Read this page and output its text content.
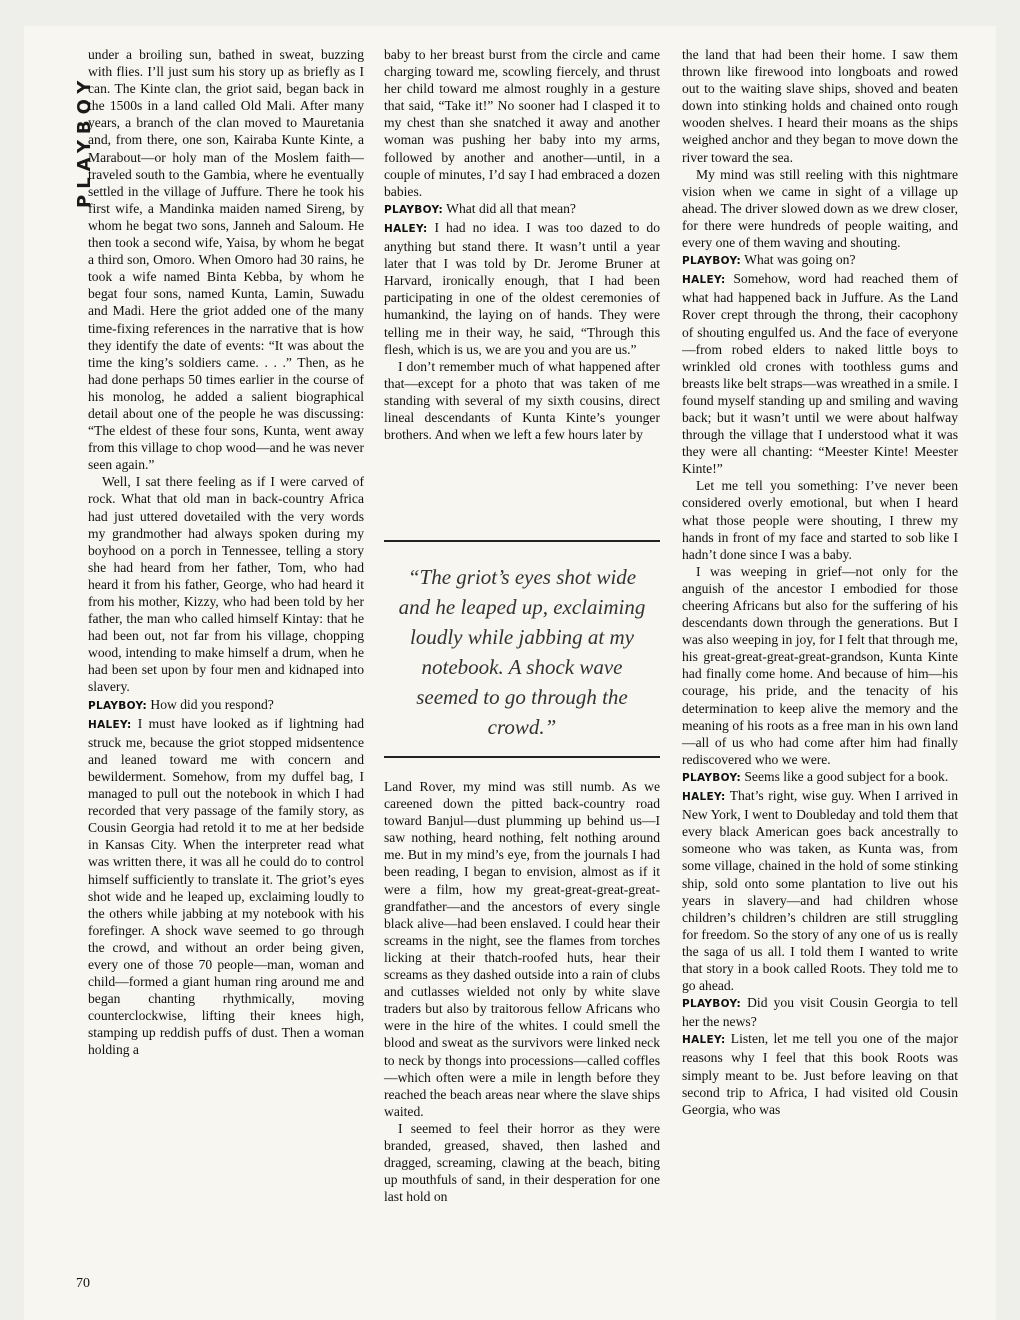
PLAYBOY
70

under a broiling sun, bathed in sweat, buzzing with flies. I’ll just sum his story up as briefly as I can. The Kinte clan, the griot said, began back in the 1500s in a land called Old Mali. After many years, a branch of the clan moved to Mauretania and, from there, one son, Kairaba Kunte Kinte, a Marabout—or holy man of the Moslem faith—traveled south to the Gambia, where he eventually settled in the village of Juffure. There he took his first wife, a Mandinka maiden named Sireng, by whom he begat two sons, Janneh and Saloum. He then took a second wife, Yaisa, by whom he begat a third son, Omoro. When Omoro had 30 rains, he took a wife named Binta Kebba, by whom he begat four sons, named Kunta, Lamin, Suwadu and Madi. Here the griot added one of the many time-fixing references in the narrative that is how they identify the date of events: “It was about the time the king’s soldiers came. . . .” Then, as he had done perhaps 50 times earlier in the course of his monolog, he added a salient biographical detail about one of the people he was discussing: “The eldest of these four sons, Kunta, went away from this village to chop wood—and he was never seen again.”

Well, I sat there feeling as if I were carved of rock. What that old man in back-country Africa had just uttered dovetailed with the very words my grandmother had always spoken during my boyhood on a porch in Tennessee, telling a story she had heard from her father, Tom, who had heard it from his father, George, who had heard it from his mother, Kizzy, who had been told by her father, the man who called himself Kintay: that he had been out, not far from his village, chopping wood, intending to make himself a drum, when he had been set upon by four men and kidnaped into slavery.

PLAYBOY: How did you respond?

HALEY: I must have looked as if lightning had struck me, because the griot stopped midsentence and leaned toward me with concern and bewilderment. Somehow, from my duffel bag, I managed to pull out the notebook in which I had recorded that very passage of the family story, as Cousin Georgia had retold it to me at her bedside in Kansas City. When the interpreter read what was written there, it was all he could do to control himself sufficiently to translate it. The griot’s eyes shot wide and he leaped up, exclaiming loudly to the others while jabbing at my notebook with his forefinger. A shock wave seemed to go through the crowd, and without an order being given, every one of those 70 people—man, woman and child—formed a giant human ring around me and began chanting rhythmically, moving counterclockwise, lifting their knees high, stamping up reddish puffs of dust. Then a woman holding a

baby to her breast burst from the circle and came charging toward me, scowling fiercely, and thrust her child toward me almost roughly in a gesture that said, “Take it!” No sooner had I clasped it to my chest than she snatched it away and another woman was pushing her baby into my arms, followed by another and another—until, in a couple of minutes, I’d say I had embraced a dozen babies.

PLAYBOY: What did all that mean?

HALEY: I had no idea. I was too dazed to do anything but stand there. It wasn’t until a year later that I was told by Dr. Jerome Bruner at Harvard, ironically enough, that I had been participating in one of the oldest ceremonies of humankind, the laying on of hands. They were telling me in their way, he said, “Through this flesh, which is us, we are you and you are us.”

I don’t remember much of what happened after that—except for a photo that was taken of me standing with several of my sixth cousins, direct lineal descendants of Kunta Kinte’s younger brothers. And when we left a few hours later by

“The griot’s eyes shot wide and he leaped up, exclaiming loudly while jabbing at my notebook. A shock wave seemed to go through the crowd.”

Land Rover, my mind was still numb. As we careened down the pitted back-country road toward Banjul—dust plumming up behind us—I saw nothing, heard nothing, felt nothing around me. But in my mind’s eye, from the journals I had been reading, I began to envision, almost as if it were a film, how my great-great-great-great-grandfather—and the ancestors of every single black alive—had been enslaved. I could hear their screams in the night, see the flames from torches licking at their thatch-roofed huts, hear their screams as they dashed outside into a rain of clubs and cutlasses wielded not only by white slave traders but also by traitorous fellow Africans who were in the hire of the whites. I could smell the blood and sweat as the survivors were linked neck to neck by thongs into processions—called coffles—which often were a mile in length before they reached the beach areas near where the slave ships waited.

I seemed to feel their horror as they were branded, greased, shaved, then lashed and dragged, screaming, clawing at the beach, biting up mouthfuls of sand, in their desperation for one last hold on

the land that had been their home. I saw them thrown like firewood into longboats and rowed out to the waiting slave ships, shoved and beaten down into stinking holds and chained onto rough wooden shelves. I heard their moans as the ships weighed anchor and they began to move down the river toward the sea.

My mind was still reeling with this nightmare vision when we came in sight of a village up ahead. The driver slowed down as we drew closer, for there were hundreds of people waiting, and every one of them waving and shouting.

PLAYBOY: What was going on?

HALEY: Somehow, word had reached them of what had happened back in Juffure. As the Land Rover crept through the throng, their cacophony of shouting engulfed us. And the face of everyone—from robed elders to naked little boys to wrinkled old crones with toothless gums and breasts like belt straps—was wreathed in a smile. I found myself standing up and smiling and waving back; but it wasn’t until we were about halfway through the village that I understood what it was they were all chanting: “Meester Kinte! Meester Kinte!”

Let me tell you something: I’ve never been considered overly emotional, but when I heard what those people were shouting, I threw my hands in front of my face and started to sob like I hadn’t done since I was a baby.

I was weeping in grief—not only for the anguish of the ancestor I embodied for those cheering Africans but also for the suffering of his descendants down through the generations. But I was also weeping in joy, for I felt that through me, his great-great-great-great-grandson, Kunta Kinte had finally come home. And because of him—his courage, his pride, and the tenacity of his determination to keep alive the memory and the meaning of his roots as a free man in his own land—all of us who had come after him had finally rediscovered who we were.

PLAYBOY: Seems like a good subject for a book.

HALEY: That’s right, wise guy. When I arrived in New York, I went to Doubleday and told them that every black American goes back ancestrally to someone who was taken, as Kunta was, from some village, chained in the hold of some stinking ship, sold onto some plantation to live out his years in slavery—and had children whose children’s children’s children are still struggling for freedom. So the story of any one of us is really the saga of us all. I told them I wanted to write that story in a book called Roots. They told me to go ahead.

PLAYBOY: Did you visit Cousin Georgia to tell her the news?

HALEY: Listen, let me tell you one of the major reasons why I feel that this book Roots was simply meant to be. Just before leaving on that second trip to Africa, I had visited old Cousin Georgia, who was
